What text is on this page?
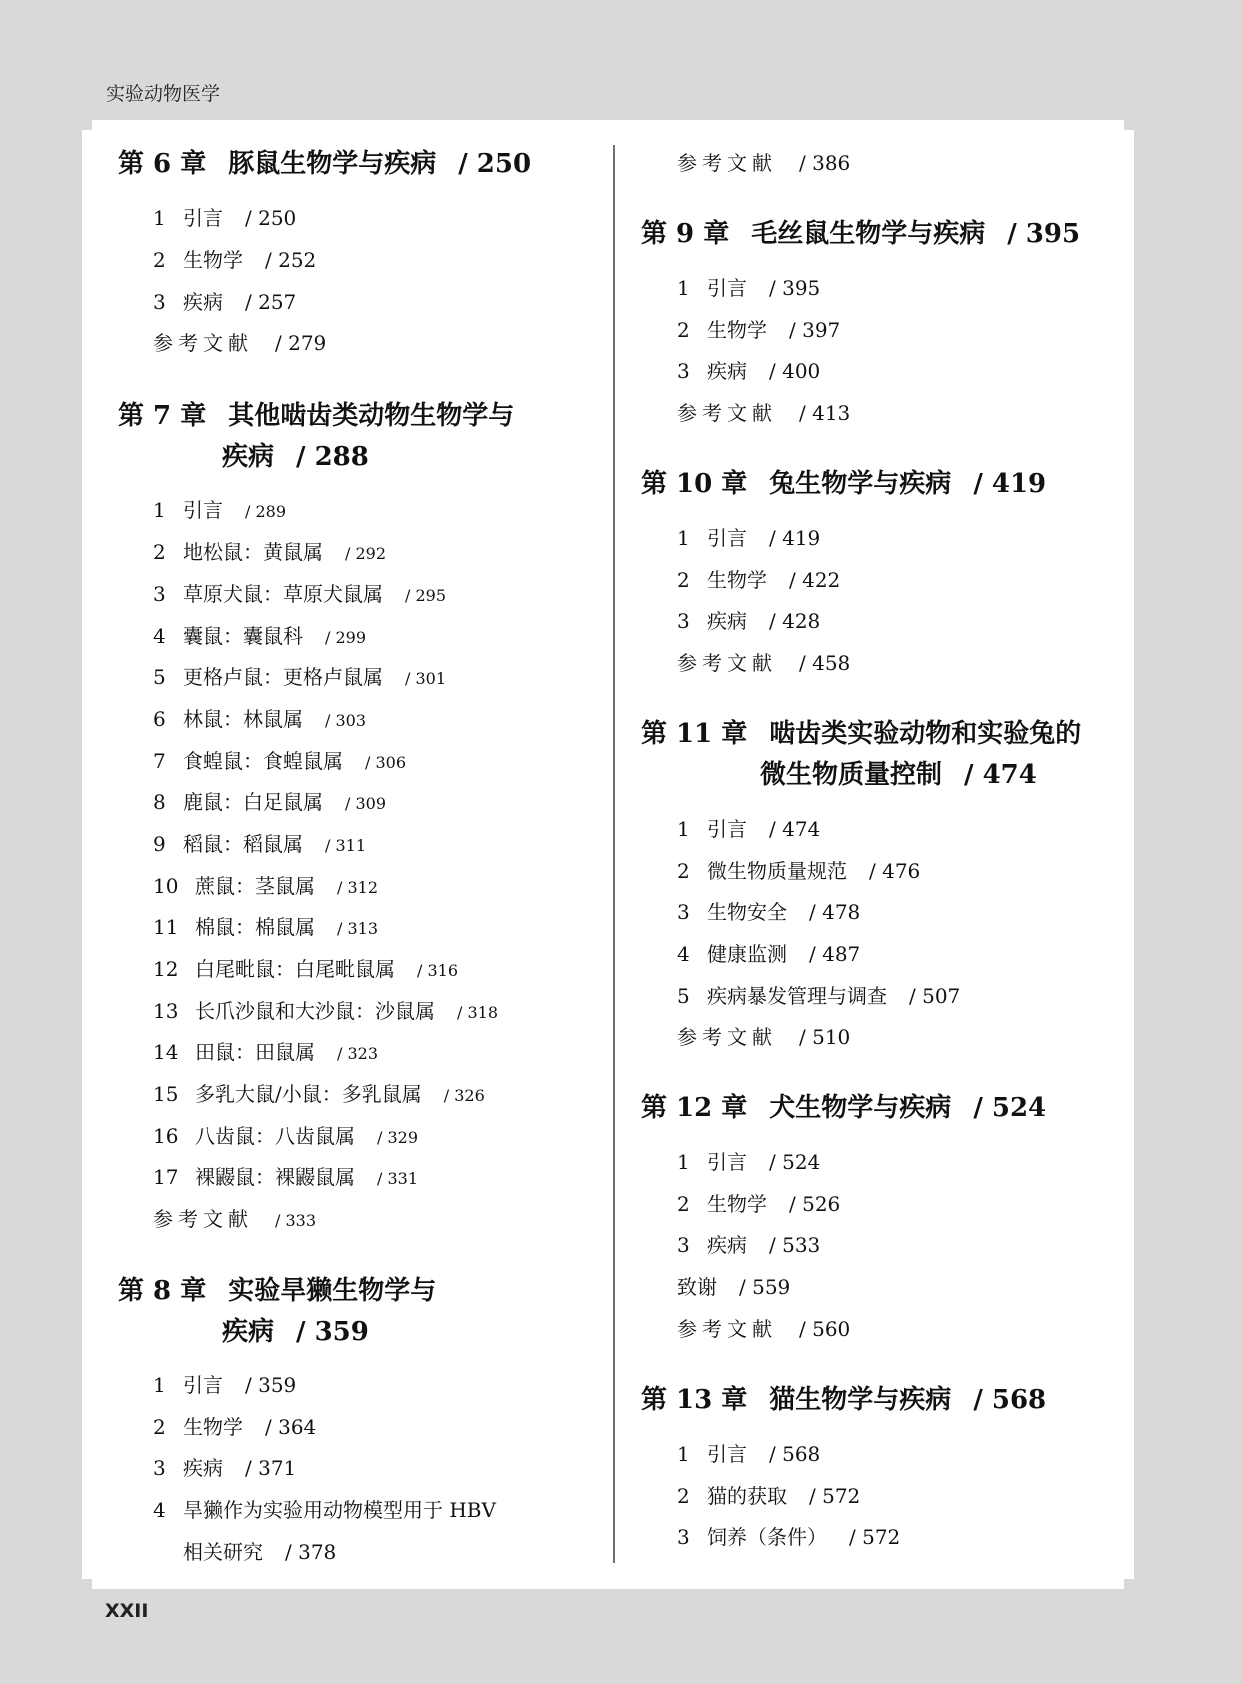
实验动物医学
第 6 章 豚鼠生物学与疾病 / 250
1 引言 / 250
2 生物学 / 252
3 疾病 / 257
参考文献 / 279
第 7 章 其他啮齿类动物生物学与
疾病 / 288
1 引言 / 289
2 地松鼠：黄鼠属 / 292
3 草原犬鼠：草原犬鼠属 / 295
4 囊鼠：囊鼠科 / 299
5 更格卢鼠：更格卢鼠属 / 301
6 林鼠：林鼠属 / 303
7 食蝗鼠：食蝗鼠属 / 306
8 鹿鼠：白足鼠属 / 309
9 稻鼠：稻鼠属 / 311
10 蔗鼠：茎鼠属 / 312
11 棉鼠：棉鼠属 / 313
12 白尾毗鼠：白尾毗鼠属 / 316
13 长爪沙鼠和大沙鼠：沙鼠属 / 318
14 田鼠：田鼠属 / 323
15 多乳大鼠/小鼠：多乳鼠属 / 326
16 八齿鼠：八齿鼠属 / 329
17 裸鼹鼠：裸鼹鼠属 / 331
参考文献 / 333
第 8 章 实验旱獭生物学与
疾病 / 359
1 引言 / 359
2 生物学 / 364
3 疾病 / 371
4 旱獭作为实验用动物模型用于 HBV
相关研究 / 378
参考文献 / 386
第 9 章 毛丝鼠生物学与疾病 / 395
1 引言 / 395
2 生物学 / 397
3 疾病 / 400
参考文献 / 413
第 10 章 兔生物学与疾病 / 419
1 引言 / 419
2 生物学 / 422
3 疾病 / 428
参考文献 / 458
第 11 章 啮齿类实验动物和实验兔的
微生物质量控制 / 474
1 引言 / 474
2 微生物质量规范 / 476
3 生物安全 / 478
4 健康监测 / 487
5 疾病暴发管理与调查 / 507
参考文献 / 510
第 12 章 犬生物学与疾病 / 524
1 引言 / 524
2 生物学 / 526
3 疾病 / 533
致谢 / 559
参考文献 / 560
第 13 章 猫生物学与疾病 / 568
1 引言 / 568
2 猫的获取 / 572
3 饲养（条件） / 572
XXII
